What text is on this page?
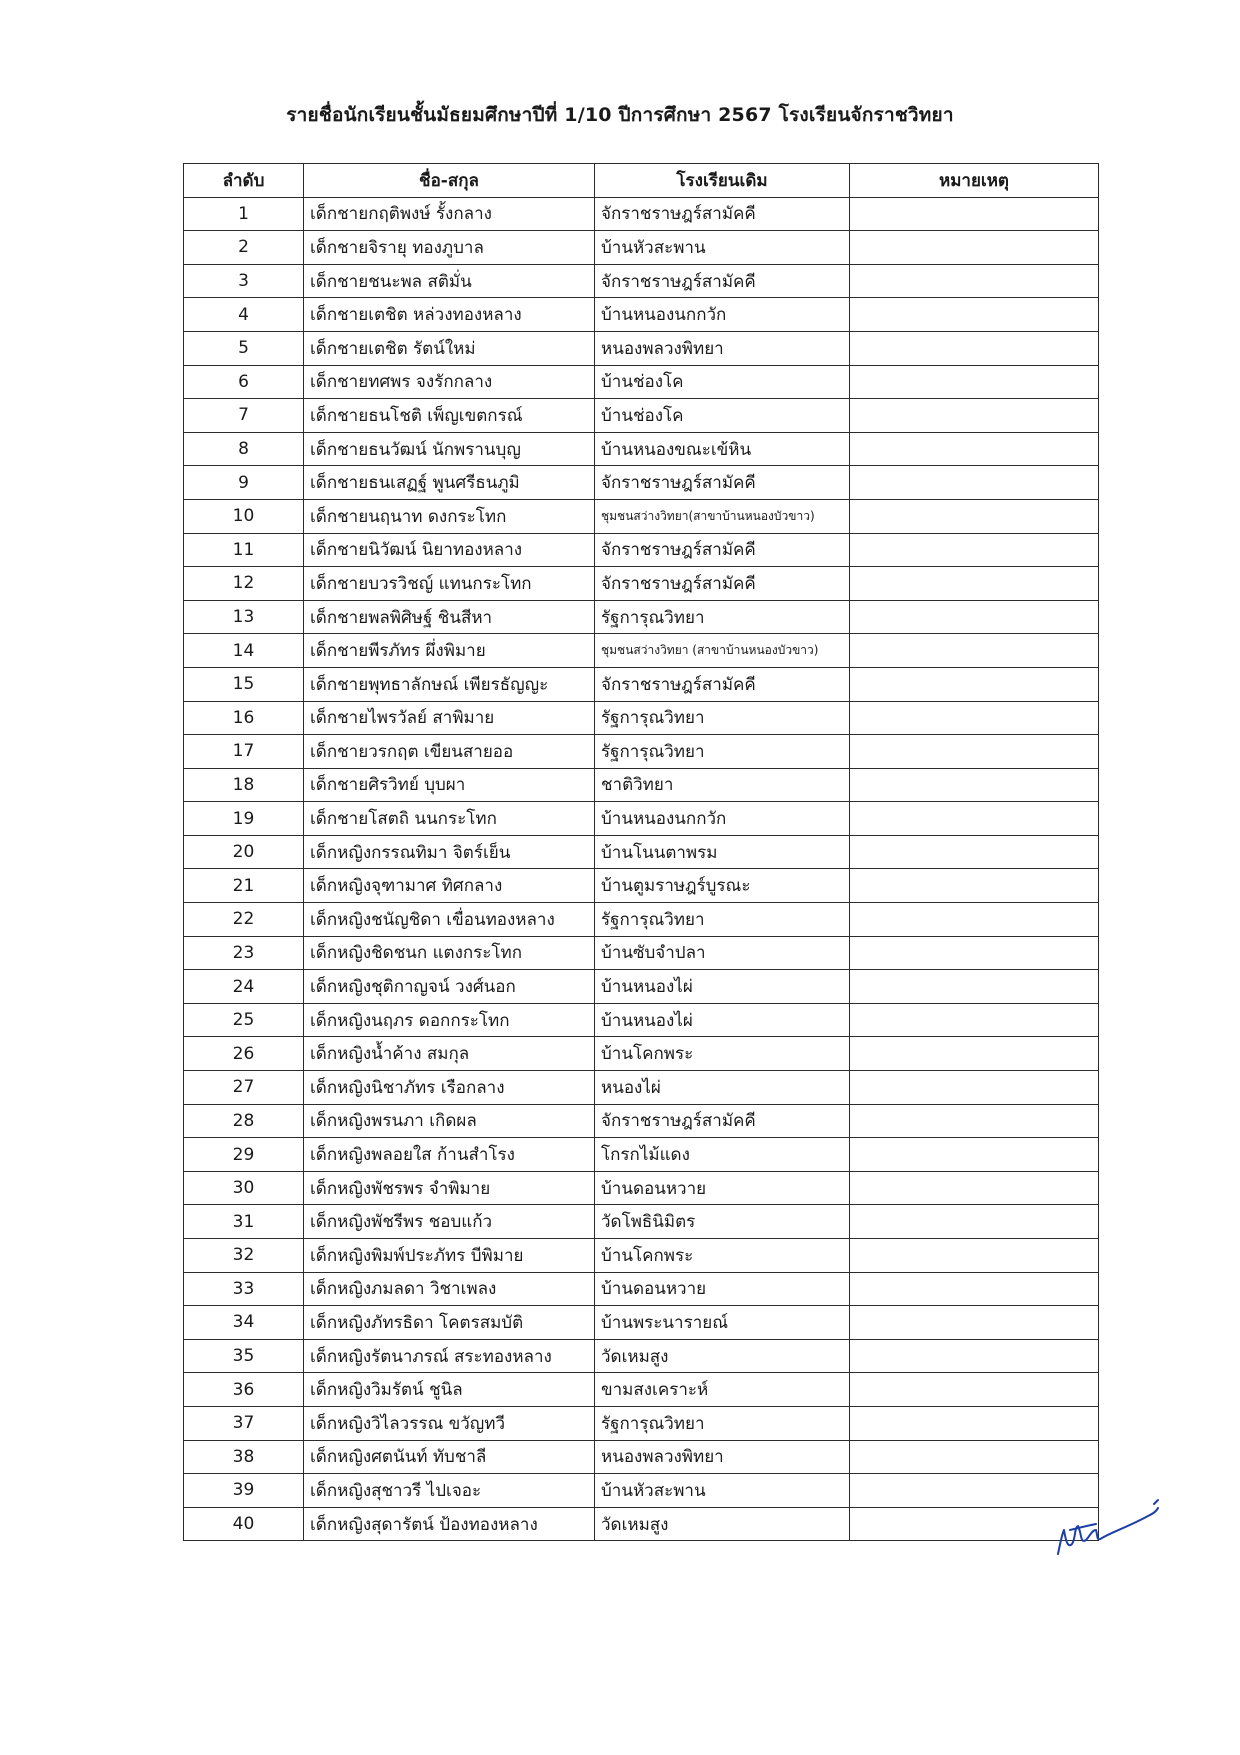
รายชื่อนักเรียนชั้นมัธยมศึกษาปีที่ 1/10 ปีการศึกษา 2567 โรงเรียนจักราชวิทยา
ลำดับ	ชื่อ-สกุล	โรงเรียนเดิม	หมายเหตุ
1	เด็กชายกฤติพงษ์ รั้งกลาง	จักราชราษฎร์สามัคคี	
2	เด็กชายจิรายุ ทองภูบาล	บ้านหัวสะพาน	
3	เด็กชายชนะพล สติมั่น	จักราชราษฎร์สามัคคี	
4	เด็กชายเตชิต หล่วงทองหลาง	บ้านหนองนกกวัก	
5	เด็กชายเตชิต รัตน์ใหม่	หนองพลวงพิทยา	
6	เด็กชายทศพร จงรักกลาง	บ้านช่องโค	
7	เด็กชายธนโชติ เพ็ญเขตกรณ์	บ้านช่องโค	
8	เด็กชายธนวัฒน์ นักพรานบุญ	บ้านหนองขณะเข้หิน	
9	เด็กชายธนเสฏฐ์ พูนศรีธนภูมิ	จักราชราษฎร์สามัคคี	
10	เด็กชายนฤนาท ดงกระโทก	ชุมชนสว่างวิทยา(สาขาบ้านหนองบัวขาว)	
11	เด็กชายนิวัฒน์ นิยาทองหลาง	จักราชราษฎร์สามัคคี	
12	เด็กชายบวรวิชญ์ แทนกระโทก	จักราชราษฎร์สามัคคี	
13	เด็กชายพลพิศิษฐ์ ชินสีหา	รัฐการุณวิทยา	
14	เด็กชายพีรภัทร ผึ่งพิมาย	ชุมชนสว่างวิทยา (สาขาบ้านหนองบัวขาว)	
15	เด็กชายพุทธาลักษณ์ เพียรธัญญะ	จักราชราษฎร์สามัคคี	
16	เด็กชายไพรวัลย์ สาพิมาย	รัฐการุณวิทยา	
17	เด็กชายวรกฤต เขียนสายออ	รัฐการุณวิทยา	
18	เด็กชายศิรวิทย์ บุบผา	ชาติวิทยา	
19	เด็กชายโสตถิ นนกระโทก	บ้านหนองนกกวัก	
20	เด็กหญิงกรรณทิมา จิตร์เย็น	บ้านโนนตาพรม	
21	เด็กหญิงจุฑามาศ ทิศกลาง	บ้านตูมราษฎร์บูรณะ	
22	เด็กหญิงชนัญชิดา เขื่อนทองหลาง	รัฐการุณวิทยา	
23	เด็กหญิงชิดชนก แตงกระโทก	บ้านซับจำปลา	
24	เด็กหญิงชุติกาญจน์ วงศ์นอก	บ้านหนองไผ่	
25	เด็กหญิงนฤภร ดอกกระโทก	บ้านหนองไผ่	
26	เด็กหญิงน้ำค้าง สมกุล	บ้านโคกพระ	
27	เด็กหญิงนิชาภัทร เรือกลาง	หนองไผ่	
28	เด็กหญิงพรนภา เกิดผล	จักราชราษฎร์สามัคคี	
29	เด็กหญิงพลอยใส ก้านสำโรง	โกรกไม้แดง	
30	เด็กหญิงพัชรพร จำพิมาย	บ้านดอนหวาย	
31	เด็กหญิงพัชรีพร ชอบแก้ว	วัดโพธินิมิตร	
32	เด็กหญิงพิมพ์ประภัทร บีพิมาย	บ้านโคกพระ	
33	เด็กหญิงภมลดา วิชาเพลง	บ้านดอนหวาย	
34	เด็กหญิงภัทรธิดา โคตรสมบัติ	บ้านพระนารายณ์	
35	เด็กหญิงรัตนาภรณ์ สระทองหลาง	วัดเหมสูง	
36	เด็กหญิงวิมรัตน์ ชูนิล	ขามสงเคราะห์	
37	เด็กหญิงวิไลวรรณ ขวัญทวี	รัฐการุณวิทยา	
38	เด็กหญิงศตนันท์ ทับชาลี	หนองพลวงพิทยา	
39	เด็กหญิงสุชาวรี ไปเจอะ	บ้านหัวสะพาน	
40	เด็กหญิงสุดารัตน์ ป้องทองหลาง	วัดเหมสูง	
